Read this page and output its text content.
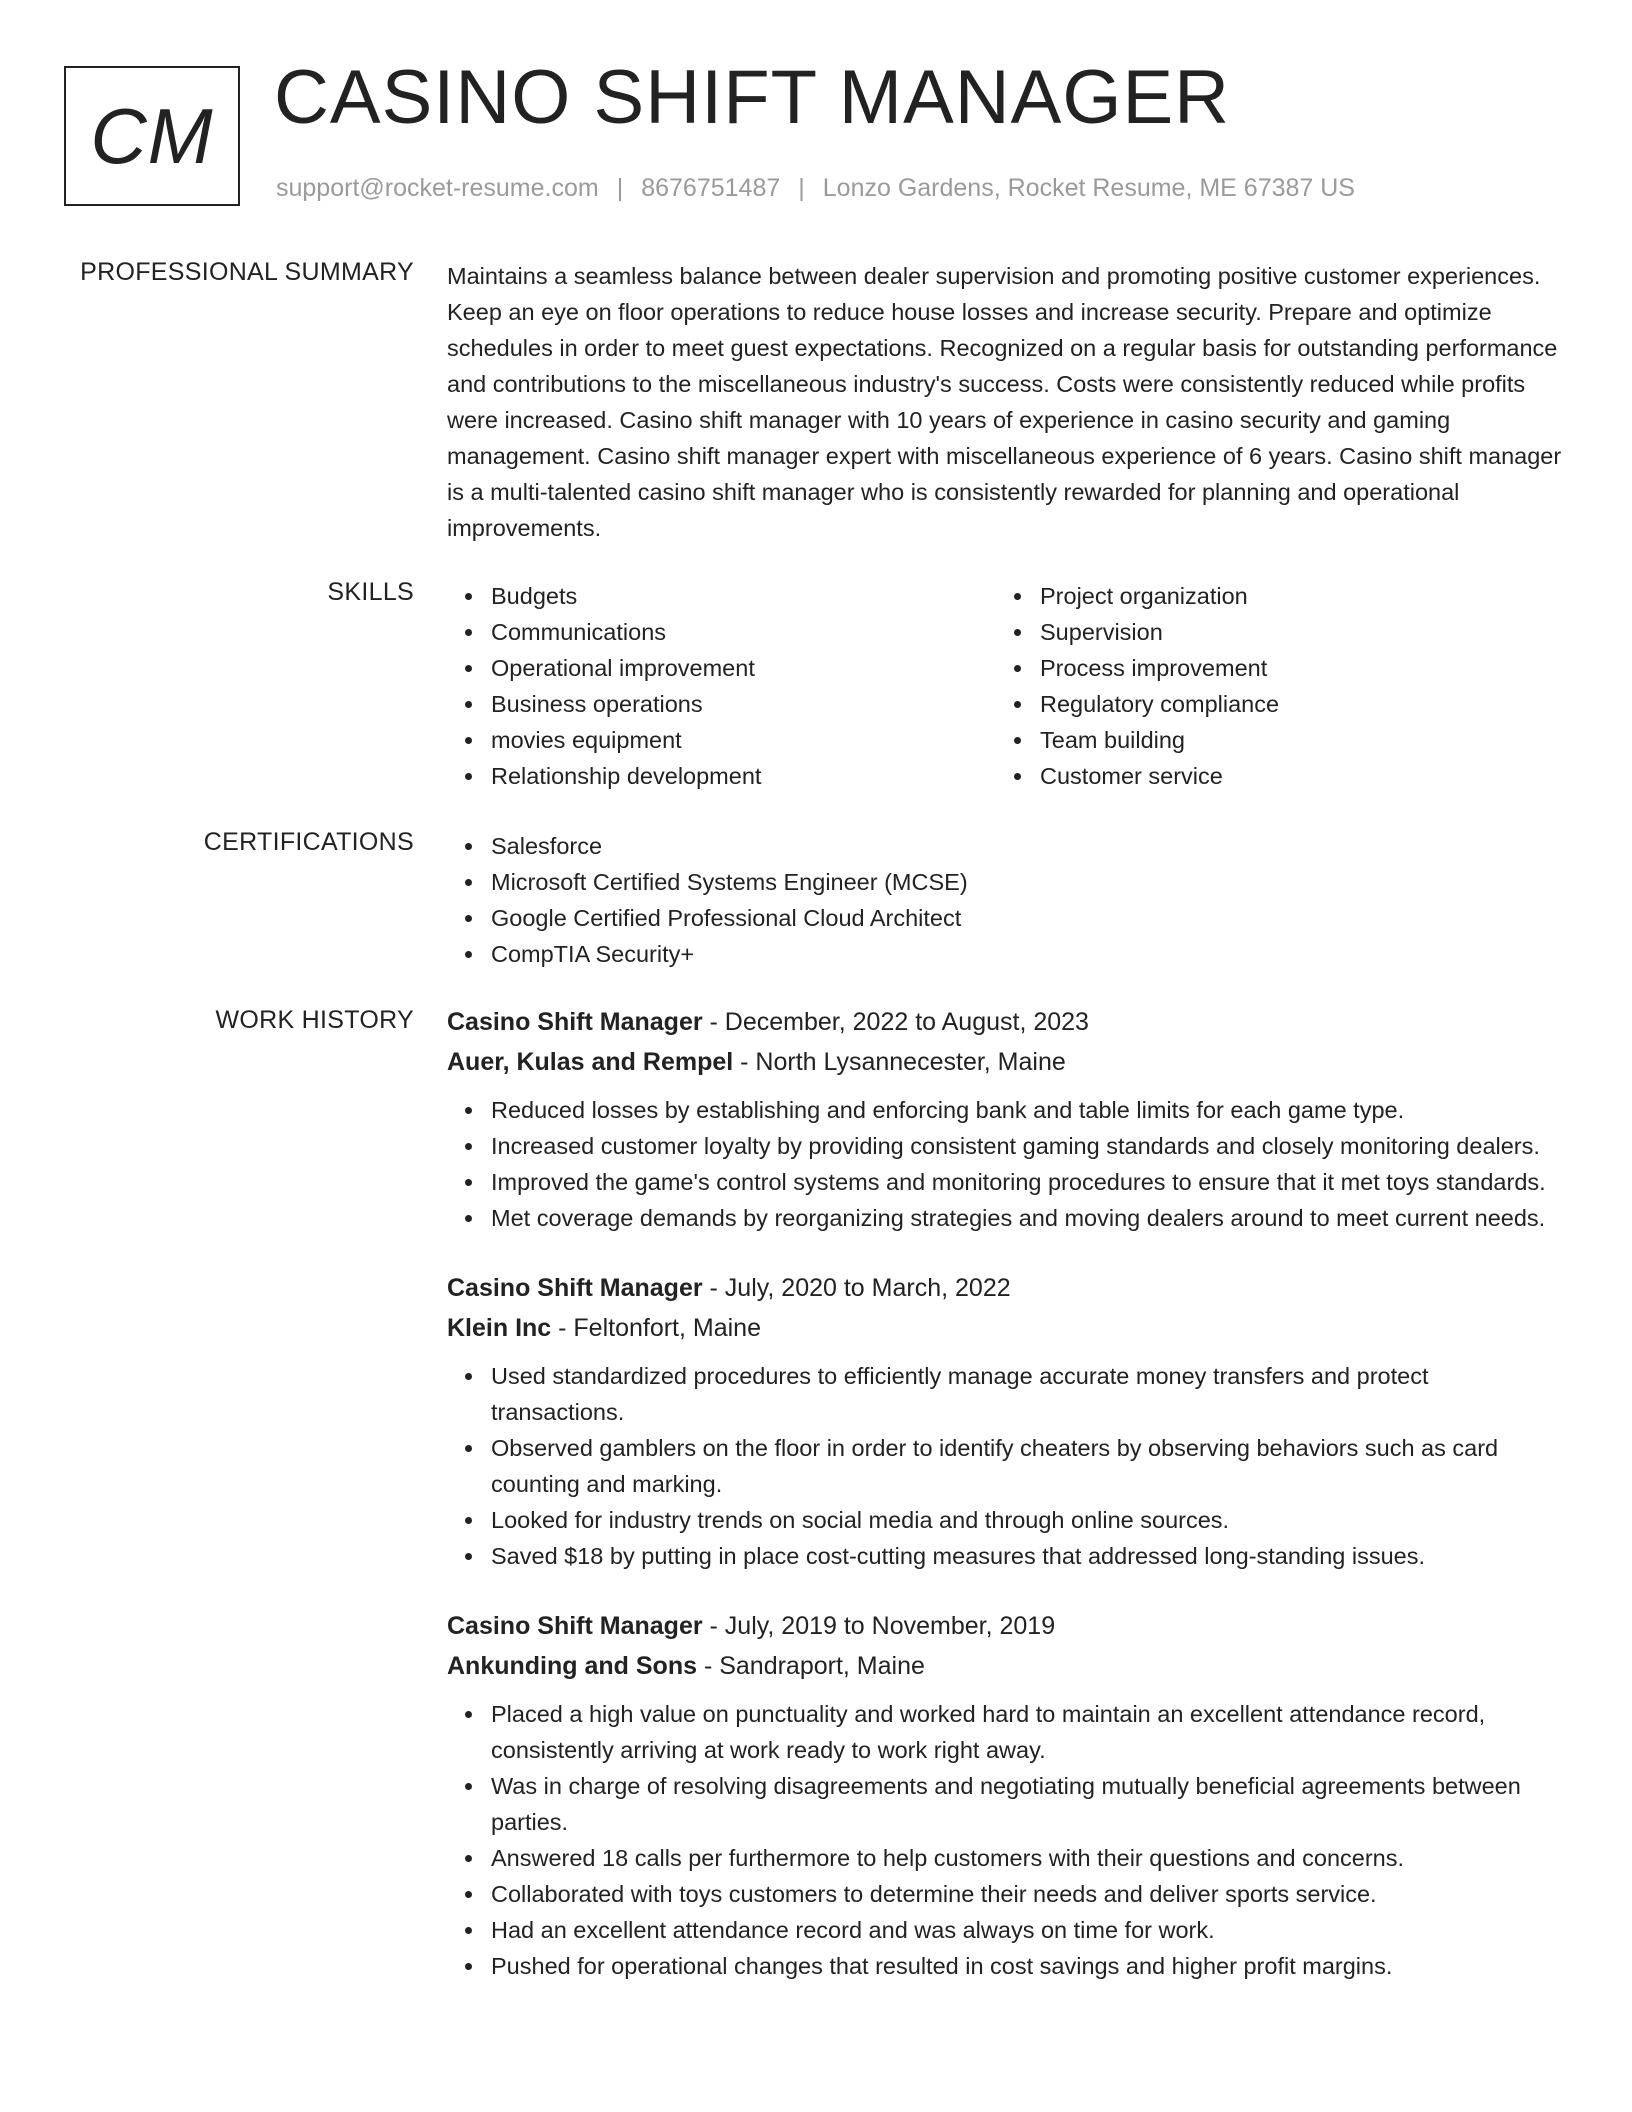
CM CASINO SHIFT MANAGER
support@rocket-resume.com | 8676751487 | Lonzo Gardens, Rocket Resume, ME 67387 US
PROFESSIONAL SUMMARY Maintains a seamless balance between dealer supervision and promoting positive customer experiences. Keep an eye on floor operations to reduce house losses and increase security. Prepare and optimize schedules in order to meet guest expectations. Recognized on a regular basis for outstanding performance and contributions to the miscellaneous industry's success. Costs were consistently reduced while profits were increased. Casino shift manager with 10 years of experience in casino security and gaming management. Casino shift manager expert with miscellaneous experience of 6 years. Casino shift manager is a multi-talented casino shift manager who is consistently rewarded for planning and operational improvements.

SKILLS	Budgets
Communications
Operational improvement
Business operations
movies equipment
Relationship development
Project organization
Supervision
Process improvement
Regulatory compliance
Team building
Customer service
CERTIFICATIONS	Salesforce
Microsoft Certified Systems Engineer (MCSE)
Google Certified Professional Cloud Architect
CompTIA Security+
WORK HISTORY Casino Shift Manager - December, 2022 to August, 2023
Auer, Kulas and Rempel - North Lysannecester, Maine
Reduced losses by establishing and enforcing bank and table limits for each game type.
Increased customer loyalty by providing consistent gaming standards and closely monitoring dealers.
Improved the game's control systems and monitoring procedures to ensure that it met toys standards.
Met coverage demands by reorganizing strategies and moving dealers around to meet current needs.
Casino Shift Manager - July, 2020 to March, 2022
Klein Inc - Feltonfort, Maine
Used standardized procedures to efficiently manage accurate money transfers and protect transactions.
Observed gamblers on the floor in order to identify cheaters by observing behaviors such as card counting and marking.
Looked for industry trends on social media and through online sources.
Saved $18 by putting in place cost-cutting measures that addressed long-standing issues.
Casino Shift Manager - July, 2019 to November, 2019
Ankunding and Sons - Sandraport, Maine
Placed a high value on punctuality and worked hard to maintain an excellent attendance record, consistently arriving at work ready to work right away.
Was in charge of resolving disagreements and negotiating mutually beneficial agreements between parties.
Answered 18 calls per furthermore to help customers with their questions and concerns.
Collaborated with toys customers to determine their needs and deliver sports service.
Had an excellent attendance record and was always on time for work.
Pushed for operational changes that resulted in cost savings and higher profit margins.
